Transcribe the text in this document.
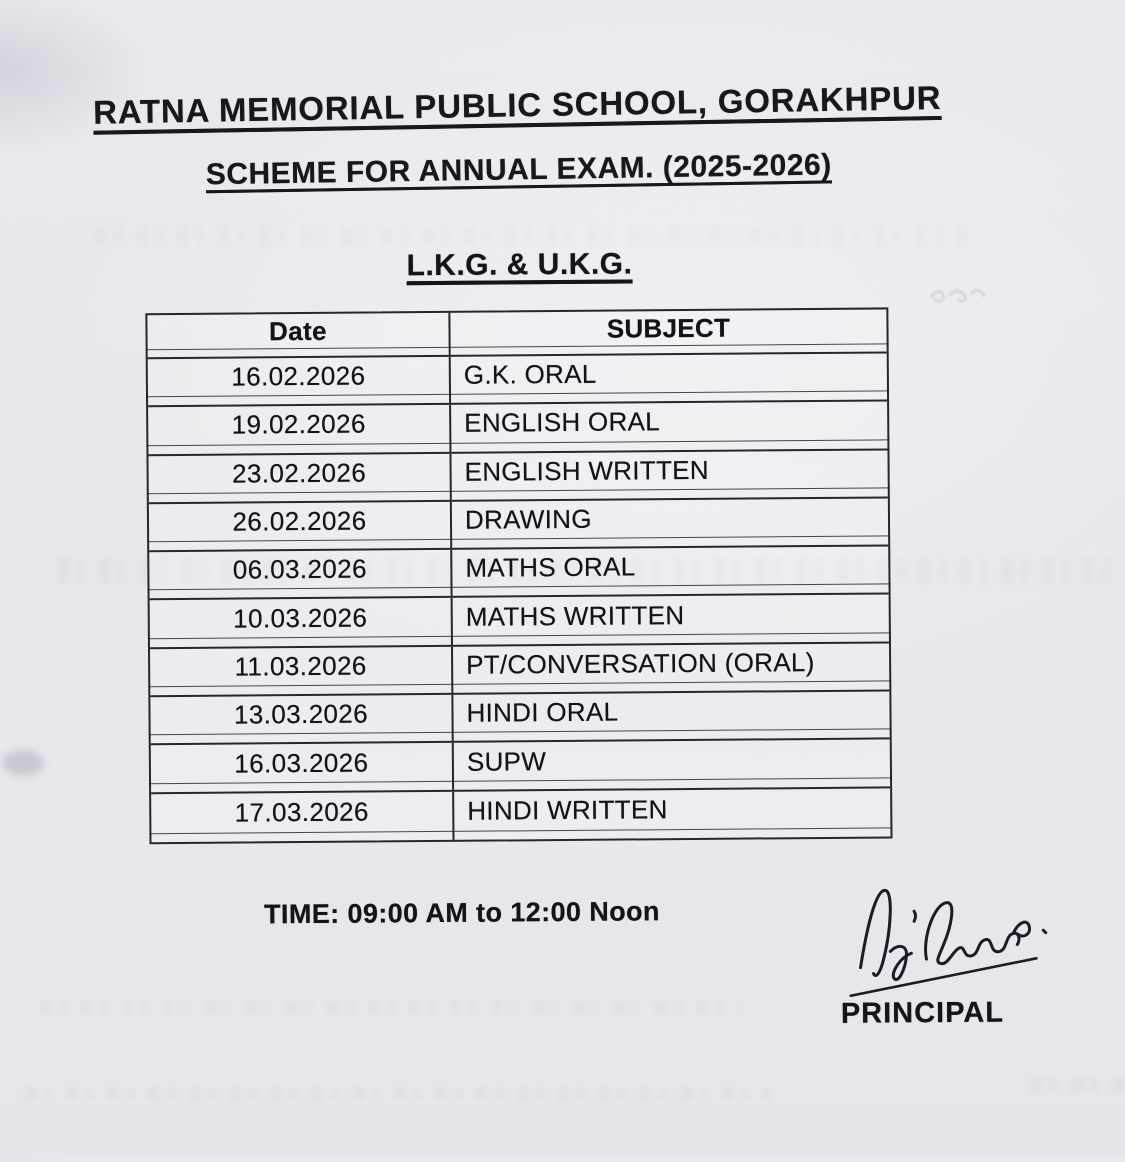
RATNA MEMORIAL PUBLIC SCHOOL, GORAKHPUR
SCHEME FOR ANNUAL EXAM. (2025-2026)
L.K.G. & U.K.G.
Date	SUBJECT
16.02.2026	G.K. ORAL
19.02.2026	ENGLISH ORAL
23.02.2026	ENGLISH WRITTEN
26.02.2026	DRAWING
06.03.2026	MATHS ORAL
10.03.2026	MATHS WRITTEN
11.03.2026	PT/CONVERSATION (ORAL)
13.03.2026	HINDI ORAL
16.03.2026	SUPW
17.03.2026	HINDI WRITTEN
TIME: 09:00 AM to 12:00 Noon
PRINCIPAL
